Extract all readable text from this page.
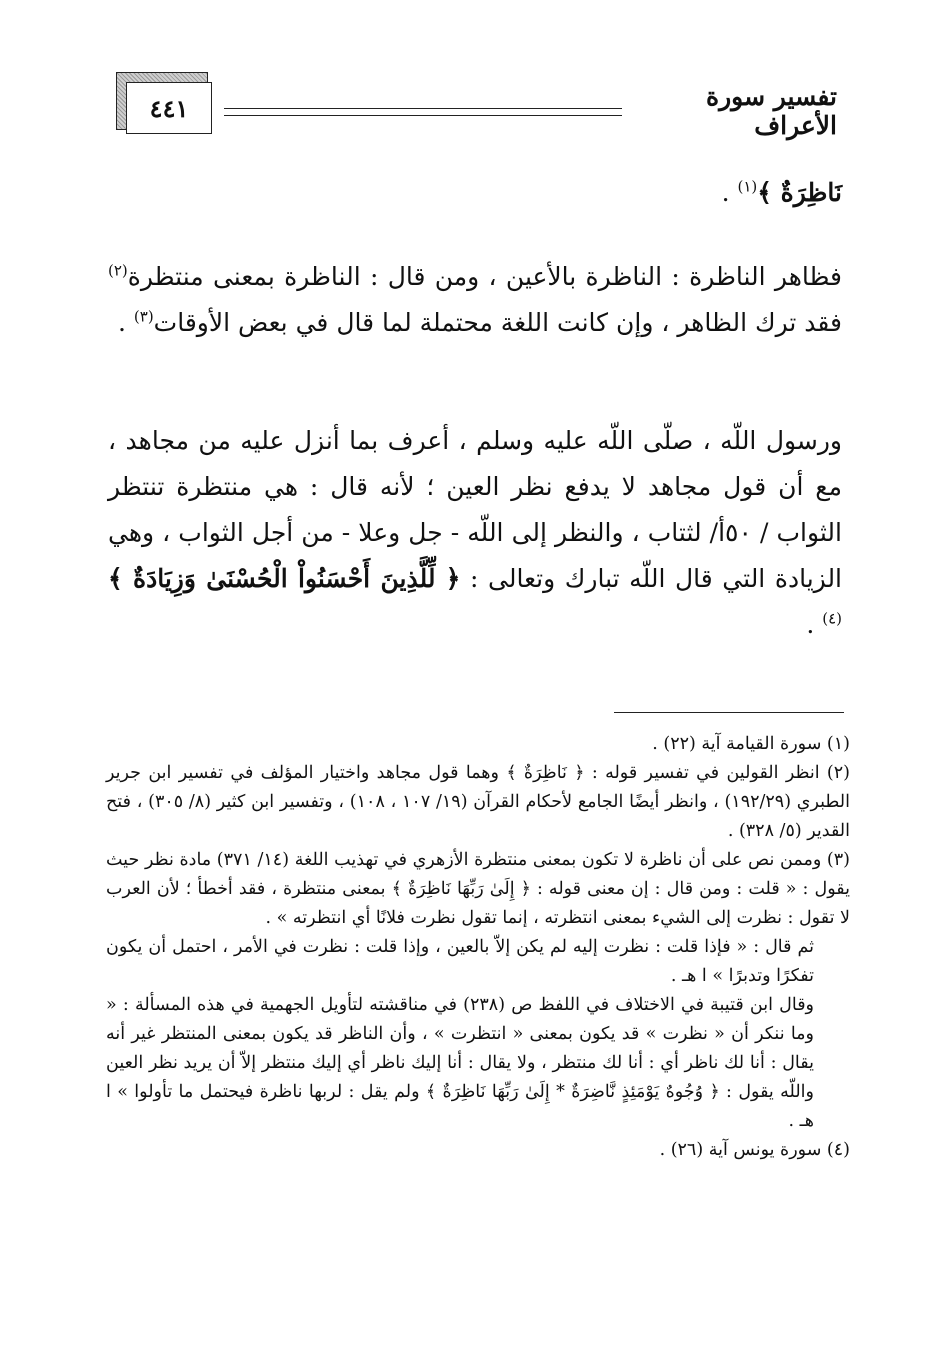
٤٤١	تفسير سورة الأعراف
نَاظِرَةٌ ﴾$^{(١)}$ .
فظاهر الناظرة : الناظرة بالأعين ، ومن قال : الناظرة بمعنى منتظرة$^{(٢)}$ فقد ترك الظاهر ، وإن كانت اللغة محتملة لما قال في بعض الأوقات$^{(٣)}$ .
ورسول اللّه ، صلّى اللّه عليه وسلم ، أعرف بما أنزل عليه من مجاهد ، مع أن قول مجاهد لا يدفع نظر العين ؛ لأنه قال : هي منتظرة تنتظر الثواب / ٥٠أ/ لثتاب ، والنظر إلى اللّه - جل وعلا - من أجل الثواب ، وهي الزيادة التي قال اللّه تبارك وتعالى : ﴿ لِّلَّذِينَ أَحْسَنُواْ الْحُسْنَىٰ وَزِيَادَةٌ ﴾$^{(٤)}$ .

(١) سورة القيامة آية (٢٢) .

(٢) انظر القولين في تفسير قوله : ﴿ نَاظِرَةٌ ﴾ وهما قول مجاهد واختيار المؤلف في تفسير ابن جرير الطبري (١٩٢/٢٩) ، وانظر أيضًا الجامع لأحكام القرآن (١٩/ ١٠٧ ، ١٠٨) ، وتفسير ابن كثير (٨/ ٣٠٥) ، فتح القدير (٥/ ٣٢٨) .

(٣) وممن نص على أن ناظرة لا تكون بمعنى منتظرة الأزهري في تهذيب اللغة (١٤/ ٣٧١) مادة نظر حيث يقول : « قلت : ومن قال : إن معنى قوله : ﴿ إِلَىٰ رَبِّهَا نَاظِرَةٌ ﴾ بمعنى منتظرة ، فقد أخطأ ؛ لأن العرب لا تقول : نظرت إلى الشيء بمعنى انتظرته ، إنما تقول نظرت فلانًا أي انتظرته » .

ثم قال : « فإذا قلت : نظرت إليه لم يكن إلاّ بالعين ، وإذا قلت : نظرت في الأمر ، احتمل أن يكون تفكرًا وتدبرًا » ا هـ .

وقال ابن قتيبة في الاختلاف في اللفظ ص (٢٣٨) في مناقشته لتأويل الجهمية في هذه المسألة : « وما ننكر أن « نظرت » قد يكون بمعنى « انتظرت » ، وأن الناظر قد يكون بمعنى المنتظر غير أنه يقال : أنا لك ناظر أي : أنا لك منتظر ، ولا يقال : أنا إليك ناظر أي إليك منتظر إلاّ أن يريد نظر العين واللّه يقول : ﴿ وُجُوهٌ يَوْمَئِذٍ نَّاضِرَةٌ * إِلَىٰ رَبِّهَا نَاظِرَةٌ ﴾ ولم يقل : لربها ناظرة فيحتمل ما تأولوا » ا هـ .

(٤) سورة يونس آية (٢٦) .
